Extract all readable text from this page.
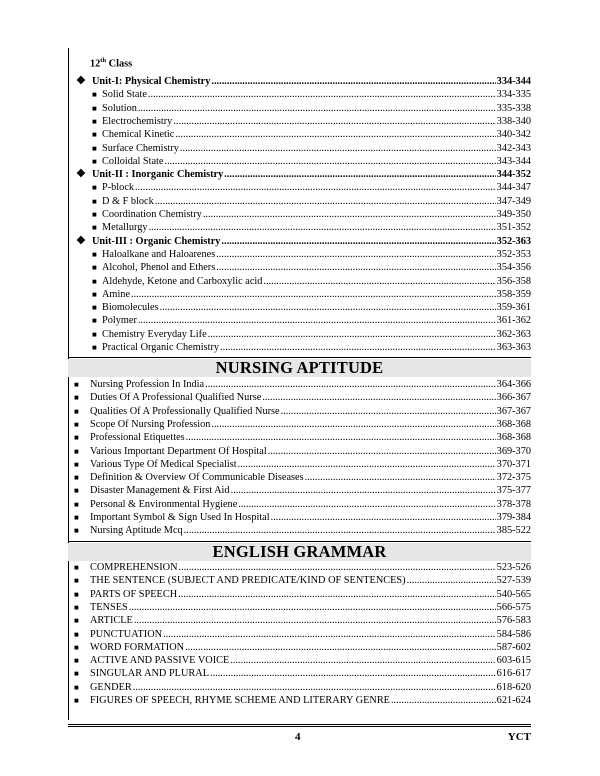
12th Class
❖
Unit-I: Physical Chemistry .....	334-344
■
Solid State .....	334-335
■
Solution .....	335-338
■
Electrochemistry .....	338-340
■
Chemical Kinetic .....	340-342
■
Surface Chemistry .....	342-343
■
Colloidal State .....	343-344
❖
Unit-II : Inorganic Chemistry .....	344-352
■
P-block .....	344-347
■
D & F block .....	347-349
■
Coordination Chemistry .....	349-350
■
Metallurgy .....	351-352
❖
Unit-III : Organic Chemistry .....	352-363
■
Haloalkane and Haloarenes .....	352-353
■
Alcohol, Phenol and Ethers .....	354-356
■
Aldehyde, Ketone and Carboxylic acid .....	356-358
■
Amine .....	358-359
■
Biomolecules .....	359-361
■
Polymer .....	361-362
■
Chemistry Everyday Life .....	362-363
■
Practical Organic Chemistry .....	363-363
NURSING APTITUDE
■
Nursing Profession In India .....	364-366
■
Duties Of A Professional Qualified Nurse .....	366-367
■
Qualities Of A Professionally Qualified Nurse .....	367-367
■
Scope Of Nursing Profession .....	368-368
■
Professional Etiquettes .....	368-368
■
Various Important Department Of Hospital .....	369-370
■
Various Type Of Medical Specialist .....	370-371
■
Definition & Overview Of Communicable Diseases .....	372-375
■
Disaster Management & First Aid .....	375-377
■
Personal & Environmental Hygiene .....	378-378
■
Important Symbol & Sign Used In Hospital .....	379-384
■
Nursing Aptitude Mcq .....	385-522
ENGLISH GRAMMAR
■
COMPREHENSION .....	523-526
■
THE SENTENCE (SUBJECT AND PREDICATE/KIND OF SENTENCES) .....	527-539
■
PARTS OF SPEECH .....	540-565
■
TENSES .....	566-575
■
ARTICLE .....	576-583
■
PUNCTUATION .....	584-586
■
WORD FORMATION .....	587-602
■
ACTIVE AND PASSIVE VOICE .....	603-615
■
SINGULAR AND PLURAL .....	616-617
■
GENDER .....	618-620
■
FIGURES OF SPEECH, RHYME SCHEME AND LITERARY GENRE .....	621-624
4	YCT
